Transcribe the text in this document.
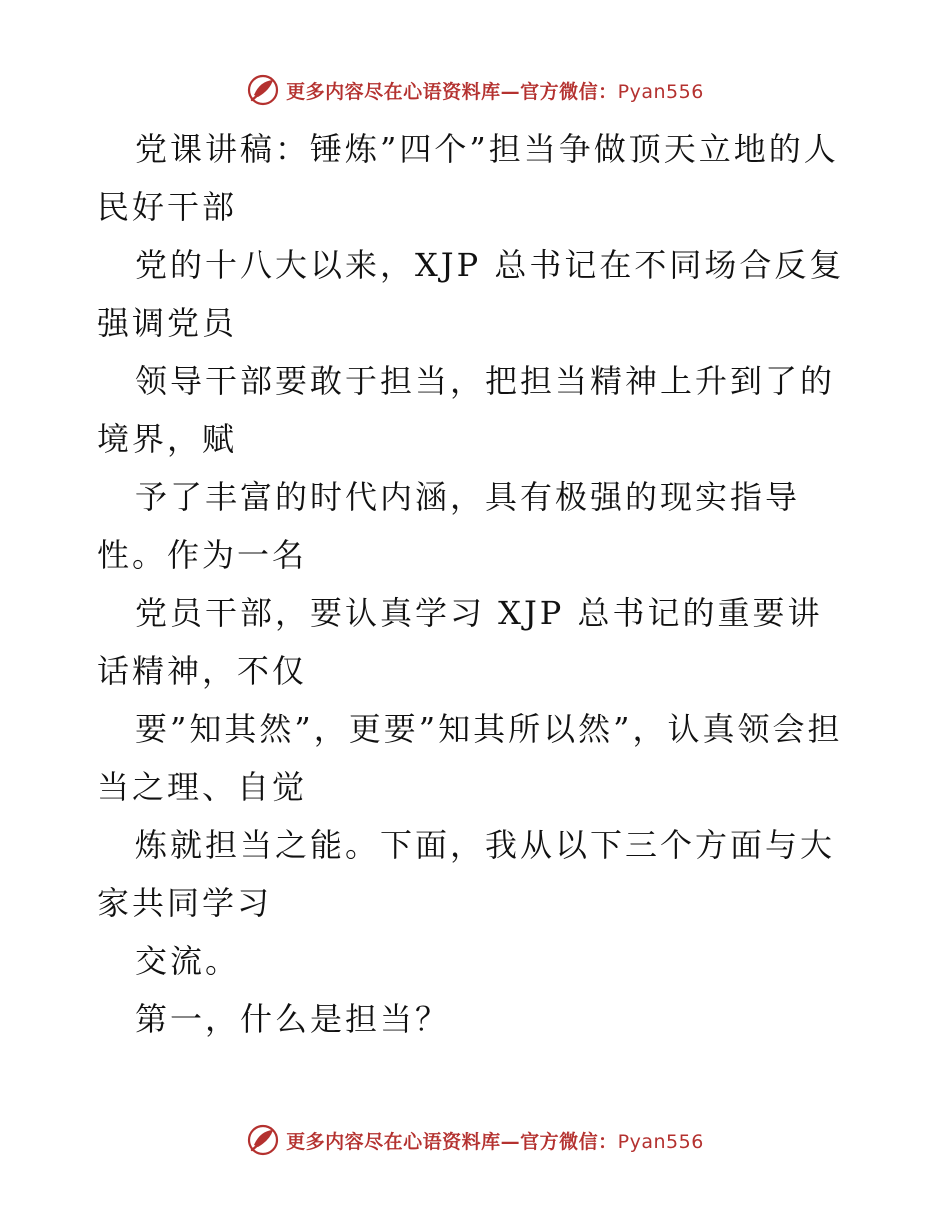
更多内容尽在心语资料库—官方微信：Pyan556

党课讲稿：锤炼”四个”担当争做顶天立地的人民好干部

党的十八大以来，XJP 总书记在不同场合反复强调党员

领导干部要敢于担当，把担当精神上升到了的境界，赋

予了丰富的时代内涵，具有极强的现实指导性。作为一名

党员干部，要认真学习 XJP 总书记的重要讲话精神，不仅

要”知其然”，更要”知其所以然”，认真领会担当之理、自觉

炼就担当之能。下面，我从以下三个方面与大家共同学习

交流。

第一，什么是担当？

更多内容尽在心语资料库—官方微信：Pyan556
